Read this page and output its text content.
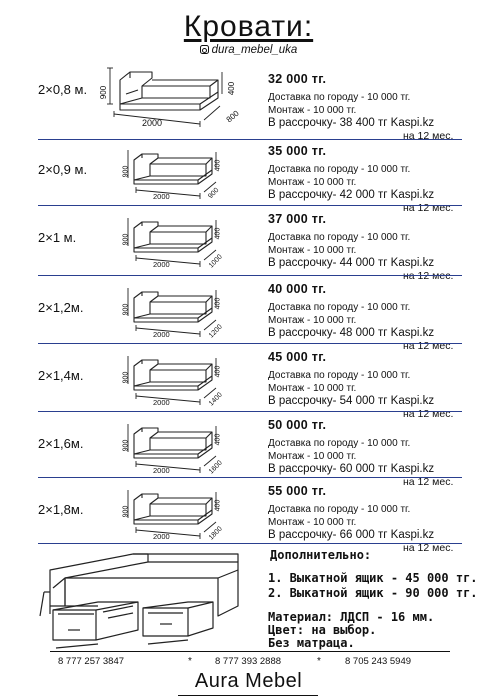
Кровати:
dura_mebel_uka
2×0,8 м. 900	400
2000	800
32 000 тг.
Доставка по городу - 10 000 тг.
Монтаж - 10 000 тг.
В рассрочку- 38 400 тг Kaspi.kz
на 12 мес.
2×0,9 м.	900
400
2000	900
35 000 тг.
Доставка по городу - 10 000 тг.
Монтаж - 10 000 тг.
В рассрочку- 42 000 тг Kaspi.kz
на 12 мес.
2×1 м.	900
400
2000	1000
37 000 тг.
Доставка по городу - 10 000 тг.
Монтаж - 10 000 тг.
В рассрочку- 44 000 тг Kaspi.kz
на 12 мес.
2×1,2м.	900
400
2000	1200
40 000 тг.
Доставка по городу - 10 000 тг.
Монтаж - 10 000 тг.
В рассрочку- 48 000 тг Kaspi.kz
на 12 мес.
2×1,4м.	900
400
2000	1400
45 000 тг.
Доставка по городу - 10 000 тг.
Монтаж - 10 000 тг.
В рассрочку- 54 000 тг Kaspi.kz
на 12 мес.
2×1,6м.	900
400
2000	1600
50 000 тг.
Доставка по городу - 10 000 тг.
Монтаж - 10 000 тг.
В рассрочку- 60 000 тг Kaspi.kz
на 12 мес.
2×1,8м.	900
400
2000	1800
55 000 тг.
Доставка по городу - 10 000 тг.
Монтаж - 10 000 тг.
В рассрочку- 66 000 тг Kaspi.kz
на 12 мес.
Дополнительно:
1. Выкатной ящик - 45 000 тг.
2. Выкатной ящик - 90 000 тг.
Материал: ЛДСП - 16 мм.
Цвет: на выбор.
Без матраца.
8 777 257 3847	* 8 777 393 2888	*	8 705 243 5949
Aura Mebel
